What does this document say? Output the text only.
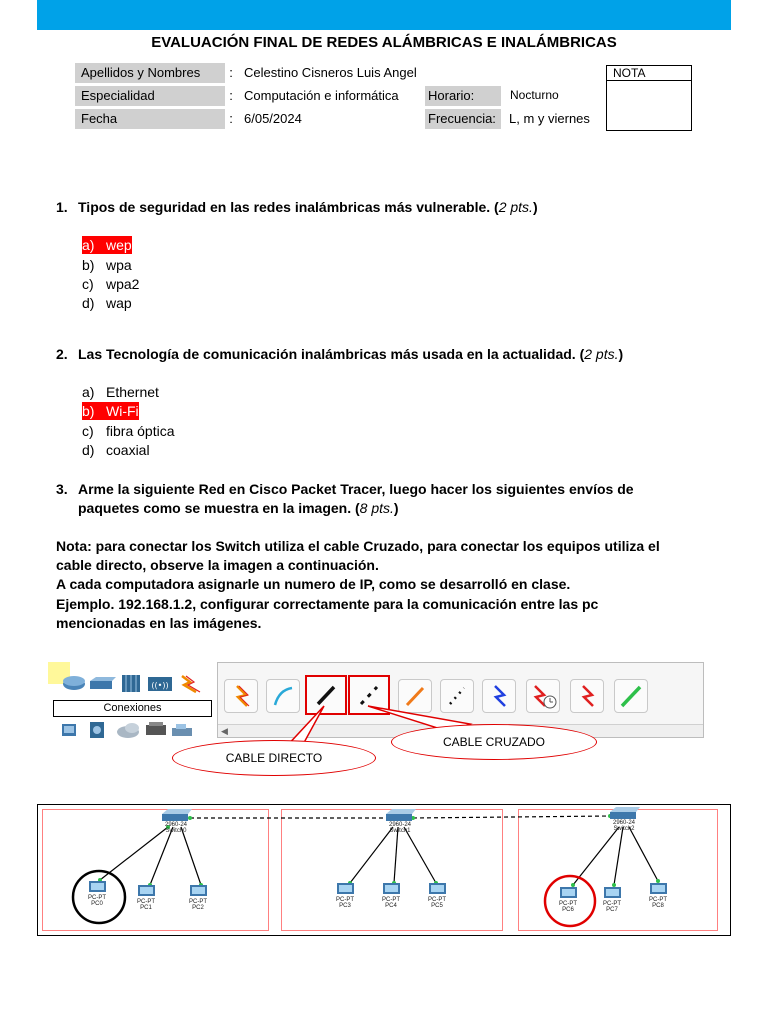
EVALUACIÓN FINAL DE REDES ALÁMBRICAS E INALÁMBRICAS
Apellidos y Nombres	: Celestino Cisneros Luis Angel
Especialidad	: Computación e informática Horario:	Nocturno
Fecha	: 6/05/2024	Frecuencia:	L, m y viernes
NOTA
1. Tipos de seguridad en las redes inalámbricas más vulnerable. (2 pts.)
a) wep
b) wpa
c) wpa2
d) wap
2. Las Tecnología de comunicación inalámbricas más usada en la actualidad. (2 pts.)
a) Ethernet
b) Wi-Fi
c) fibra óptica
d) coaxial
3. Arme la siguiente Red en Cisco Packet Tracer, luego hacer los siguientes envíos de
paquetes como se muestra en la imagen. (8 pts.)
Nota: para conectar los Switch utiliza el cable Cruzado, para conectar los equipos utiliza el
cable directo, observe la imagen a continuación.
A cada computadora asignarle un numero de IP, como se desarrolló en clase.
Ejemplo. 192.168.1.2, configurar correctamente para la comunicación entre las pc
mencionadas en las imágenes.
((•))
Conexiones
◀
CABLE DIRECTO
CABLE CRUZADO
2960-24
Switch0
2960-24
Switch1
2960-24
Switch2
PC-PT
PC0	PC-PT
PC1
PC-PT
PC2
PC-PT
PC3
PC-PT
PC4
PC-PT
PC5	PC-PT
PC6
PC-PT
PC7
PC-PT
PC8
